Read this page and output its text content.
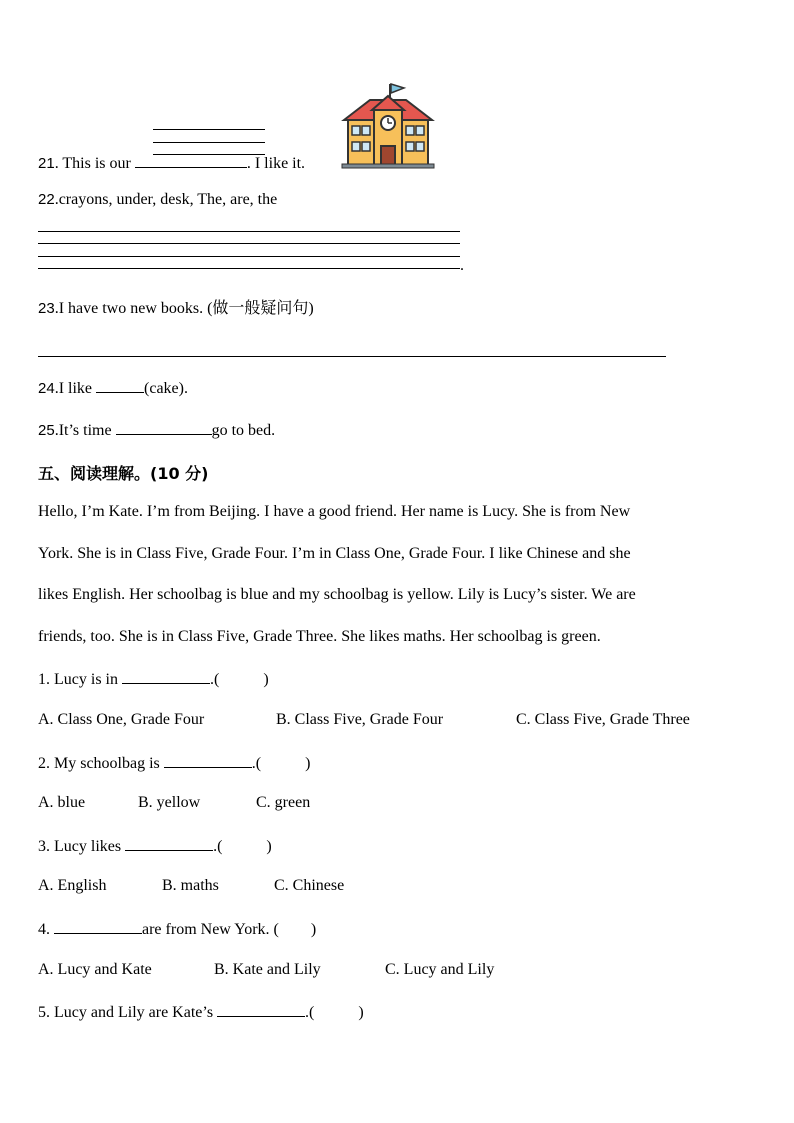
21. This is our	. I like it.
22.crayons, under, desk, The, are, the
.
23.I have two new books. (做一般疑问句)
24.I like	(cake).
25.It’s time	go to bed.
五、阅读理解。(10 分)
Hello, I’m Kate. I’m from Beijing. I have a good friend. Her name is Lucy. She is from New
York. She is in Class Five, Grade Four. I’m in Class One, Grade Four. I like Chinese and she
likes English. Her schoolbag is blue and my schoolbag is yellow. Lily is Lucy’s sister. We are
friends, too. She is in Class Five, Grade Three. She likes maths. Her schoolbag is green.
1. Lucy is in	.(	)
A. Class One, Grade Four	B. Class Five, Grade Four	C. Class Five, Grade Three
2. My schoolbag is	.(	)
A. blue	B. yellow	C. green
3. Lucy likes	.(	)
A. English	B. maths	C. Chinese
4.	are from New York. ( )
A. Lucy and Kate	B. Kate and Lily	C. Lucy and Lily
5. Lucy and Lily are Kate’s	.(	)
